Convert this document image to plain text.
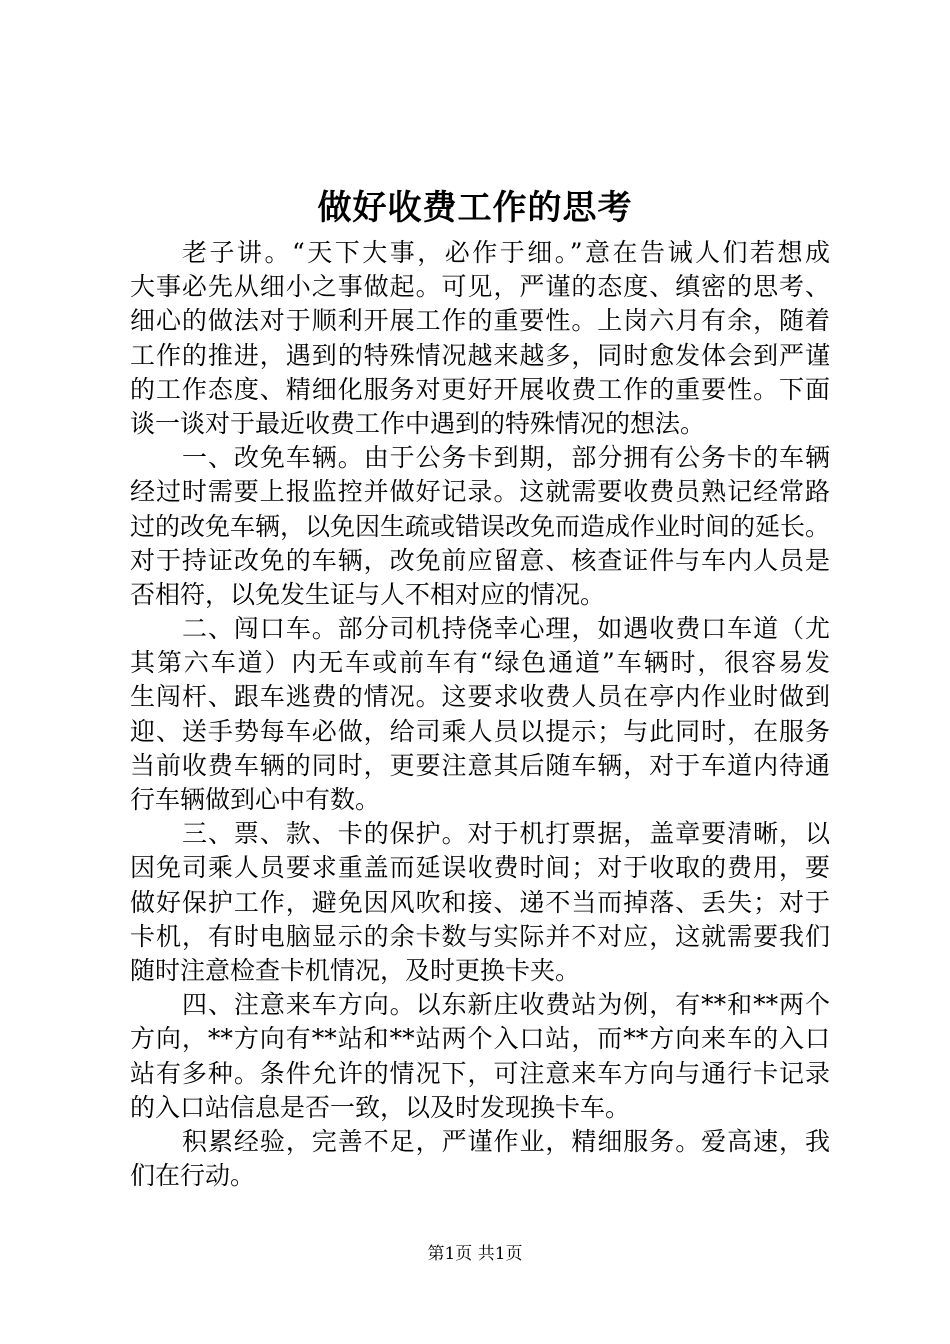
做好收费工作的思考
老子讲。“天下大事，必作于细。”意在告诫人们若想成
大事必先从细小之事做起。可见，严谨的态度、缜密的思考、
细心的做法对于顺利开展工作的重要性。上岗六月有余，随着
工作的推进，遇到的特殊情况越来越多，同时愈发体会到严谨
的工作态度、精细化服务对更好开展收费工作的重要性。下面
谈一谈对于最近收费工作中遇到的特殊情况的想法。
一、改免车辆。由于公务卡到期，部分拥有公务卡的车辆
经过时需要上报监控并做好记录。这就需要收费员熟记经常路
过的改免车辆，以免因生疏或错误改免而造成作业时间的延长。
对于持证改免的车辆，改免前应留意、核查证件与车内人员是
否相符，以免发生证与人不相对应的情况。
二、闯口车。部分司机持侥幸心理，如遇收费口车道（尤
其第六车道）内无车或前车有“绿色通道”车辆时，很容易发
生闯杆、跟车逃费的情况。这要求收费人员在亭内作业时做到
迎、送手势每车必做，给司乘人员以提示；与此同时，在服务
当前收费车辆的同时，更要注意其后随车辆，对于车道内待通
行车辆做到心中有数。
三、票、款、卡的保护。对于机打票据，盖章要清晰，以
因免司乘人员要求重盖而延误收费时间；对于收取的费用，要
做好保护工作，避免因风吹和接、递不当而掉落、丢失；对于
卡机，有时电脑显示的余卡数与实际并不对应，这就需要我们
随时注意检查卡机情况，及时更换卡夹。
四、注意来车方向。以东新庄收费站为例，有**和**两个
方向，**方向有**站和**站两个入口站，而**方向来车的入口
站有多种。条件允许的情况下，可注意来车方向与通行卡记录
的入口站信息是否一致，以及时发现换卡车。
积累经验，完善不足，严谨作业，精细服务。爱高速，我
们在行动。
第1页 共1页
